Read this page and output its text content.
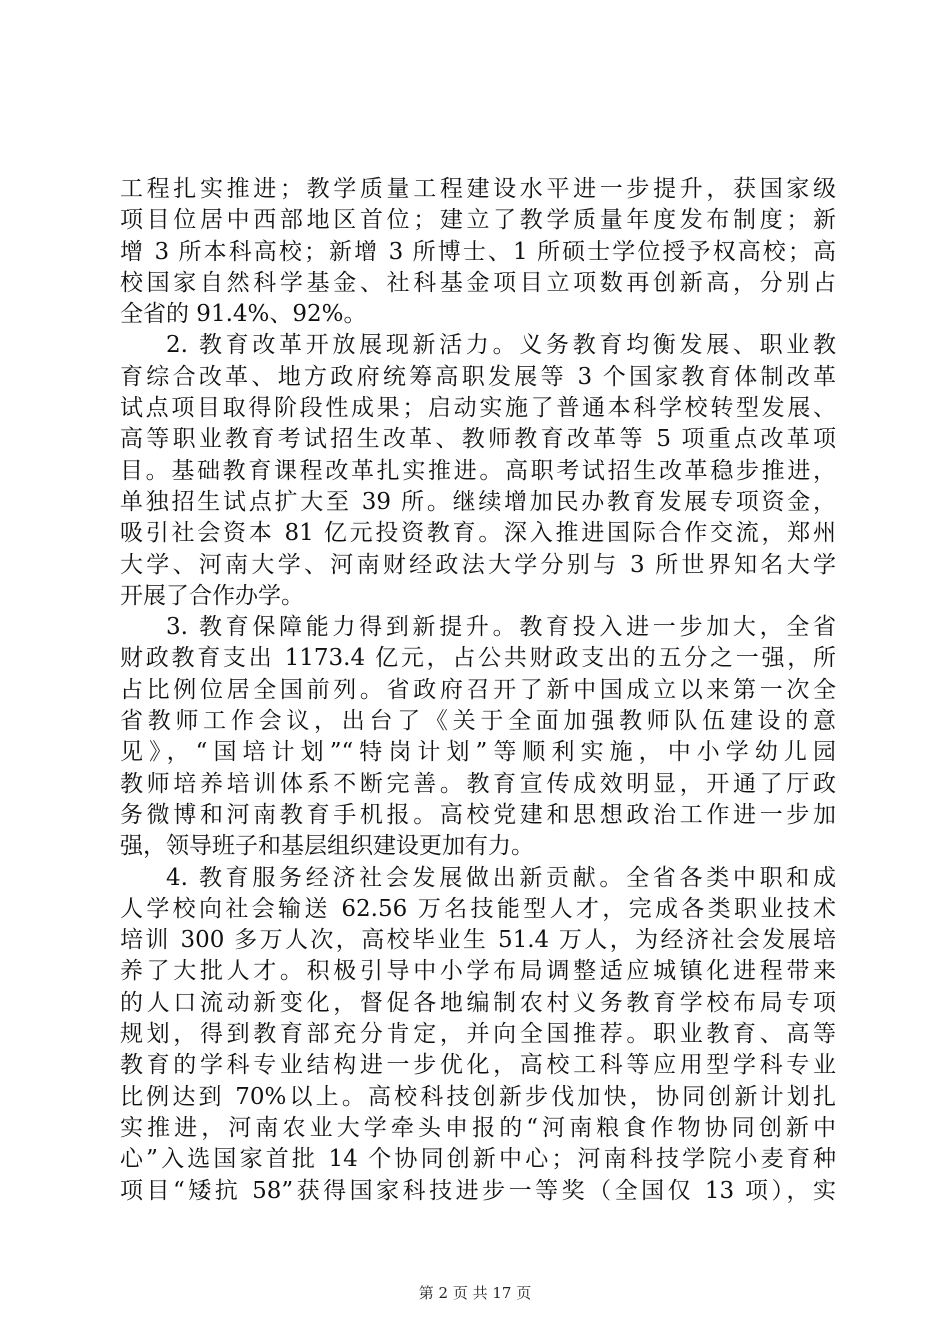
工程扎实推进；教学质量工程建设水平进一步提升，获国家级
项目位居中西部地区首位；建立了教学质量年度发布制度；新
增 3 所本科高校；新增 3 所博士、1 所硕士学位授予权高校；高
校国家自然科学基金、社科基金项目立项数再创新高，分别占
全省的 91.4%、92%。
2. 教育改革开放展现新活力。义务教育均衡发展、职业教
育综合改革、地方政府统筹高职发展等 3 个国家教育体制改革
试点项目取得阶段性成果；启动实施了普通本科学校转型发展、
高等职业教育考试招生改革、教师教育改革等 5 项重点改革项
目。基础教育课程改革扎实推进。高职考试招生改革稳步推进，
单独招生试点扩大至 39 所。继续增加民办教育发展专项资金，
吸引社会资本 81 亿元投资教育。深入推进国际合作交流，郑州
大学、河南大学、河南财经政法大学分别与 3 所世界知名大学
开展了合作办学。
3. 教育保障能力得到新提升。教育投入进一步加大，全省
财政教育支出 1173.4 亿元，占公共财政支出的五分之一强，所
占比例位居全国前列。省政府召开了新中国成立以来第一次全
省教师工作会议，出台了《关于全面加强教师队伍建设的意
见》，“国培计划”“特岗计划”等顺利实施，中小学幼儿园
教师培养培训体系不断完善。教育宣传成效明显，开通了厅政
务微博和河南教育手机报。高校党建和思想政治工作进一步加
强，领导班子和基层组织建设更加有力。
4. 教育服务经济社会发展做出新贡献。全省各类中职和成
人学校向社会输送 62.56 万名技能型人才，完成各类职业技术
培训 300 多万人次，高校毕业生 51.4 万人，为经济社会发展培
养了大批人才。积极引导中小学布局调整适应城镇化进程带来
的人口流动新变化，督促各地编制农村义务教育学校布局专项
规划，得到教育部充分肯定，并向全国推荐。职业教育、高等
教育的学科专业结构进一步优化，高校工科等应用型学科专业
比例达到 70%以上。高校科技创新步伐加快，协同创新计划扎
实推进，河南农业大学牵头申报的“河南粮食作物协同创新中
心”入选国家首批 14 个协同创新中心；河南科技学院小麦育种
项目“矮抗 58”获得国家科技进步一等奖（全国仅 13 项），实
第 2 页 共 17 页
